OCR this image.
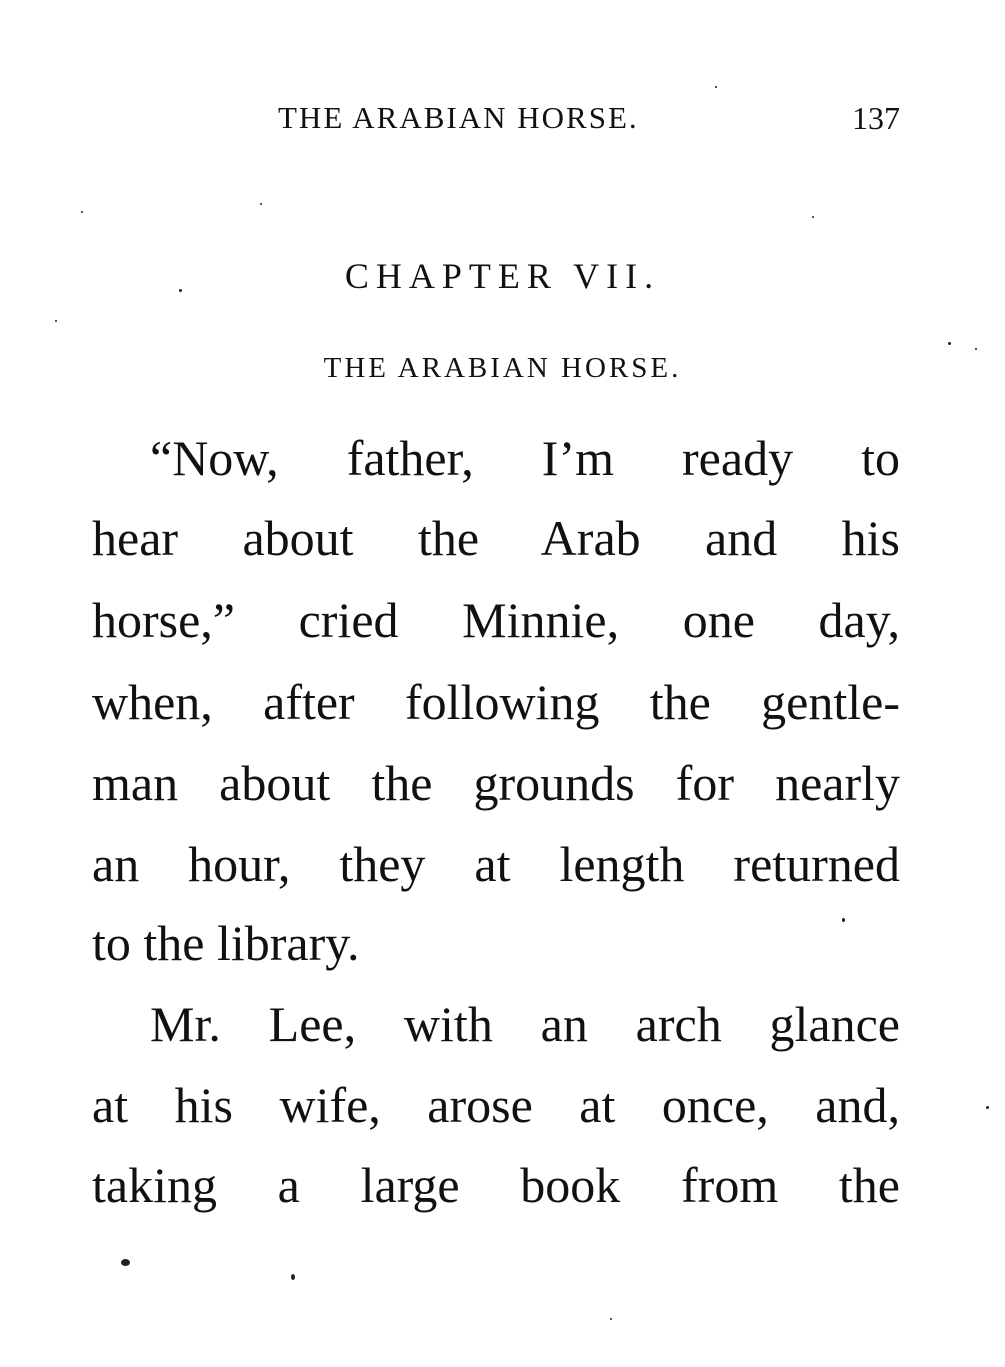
THE ARABIAN HORSE.	137
CHAPTER VII.
THE ARABIAN HORSE.
“Now, father, I’m ready to
hear about the Arab and his
horse,” cried Minnie, one day,
when, after following the gentle-
man about the grounds for nearly
an hour, they at length returned
to the library.
Mr. Lee, with an arch glance
at his wife, arose at once, and,
taking a large book from the
